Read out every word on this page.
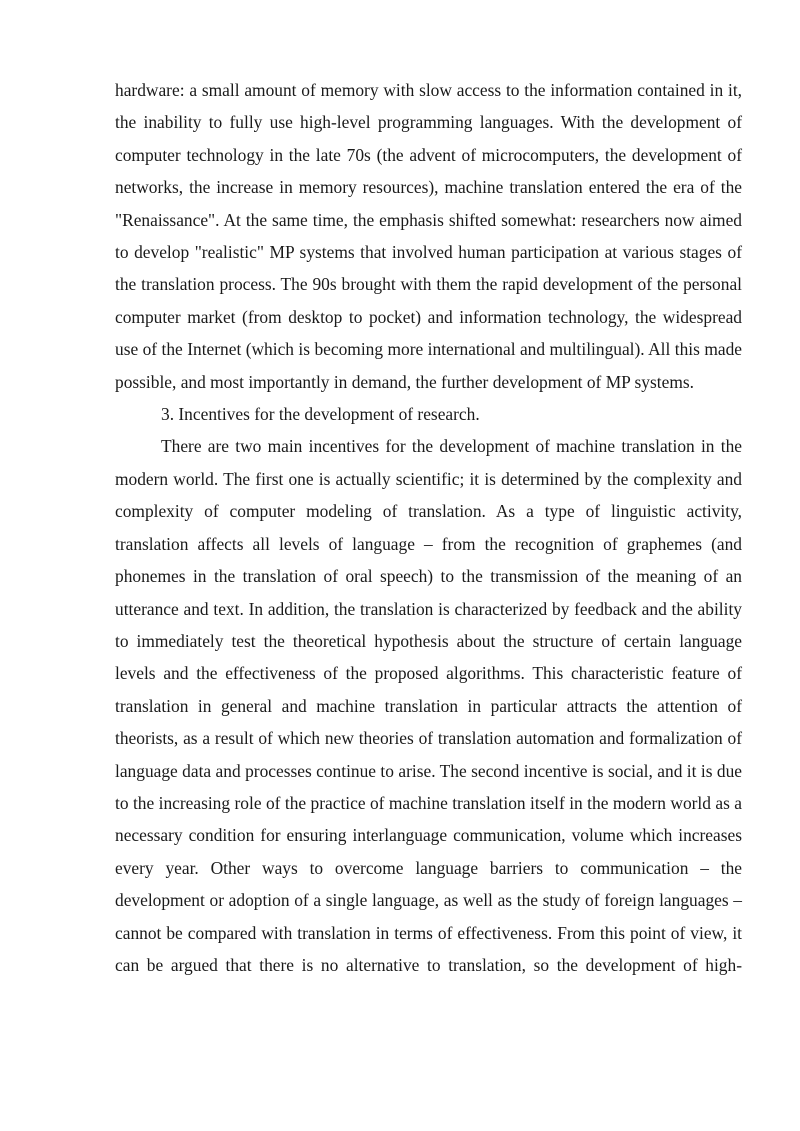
hardware: a small amount of memory with slow access to the information contained in it, the inability to fully use high-level programming languages. With the development of computer technology in the late 70s (the advent of microcomputers, the development of networks, the increase in memory resources), machine translation entered the era of the "Renaissance". At the same time, the emphasis shifted somewhat: researchers now aimed to develop "realistic" MP systems that involved human participation at various stages of the translation process. The 90s brought with them the rapid development of the personal computer market (from desktop to pocket) and information technology, the widespread use of the Internet (which is becoming more international and multilingual). All this made possible, and most importantly in demand, the further development of MP systems.

3. Incentives for the development of research.

There are two main incentives for the development of machine translation in the modern world. The first one is actually scientific; it is determined by the complexity and complexity of computer modeling of translation. As a type of linguistic activity, translation affects all levels of language – from the recognition of graphemes (and phonemes in the translation of oral speech) to the transmission of the meaning of an utterance and text. In addition, the translation is characterized by feedback and the ability to immediately test the theoretical hypothesis about the structure of certain language levels and the effectiveness of the proposed algorithms. This characteristic feature of translation in general and machine translation in particular attracts the attention of theorists, as a result of which new theories of translation automation and formalization of language data and processes continue to arise. The second incentive is social, and it is due to the increasing role of the practice of machine translation itself in the modern world as a necessary condition for ensuring interlanguage communication, volume which increases every year. Other ways to overcome language barriers to communication – the development or adoption of a single language, as well as the study of foreign languages – cannot be compared with translation in terms of effectiveness. From this point of view, it can be argued that there is no alternative to translation, so the development of high-
